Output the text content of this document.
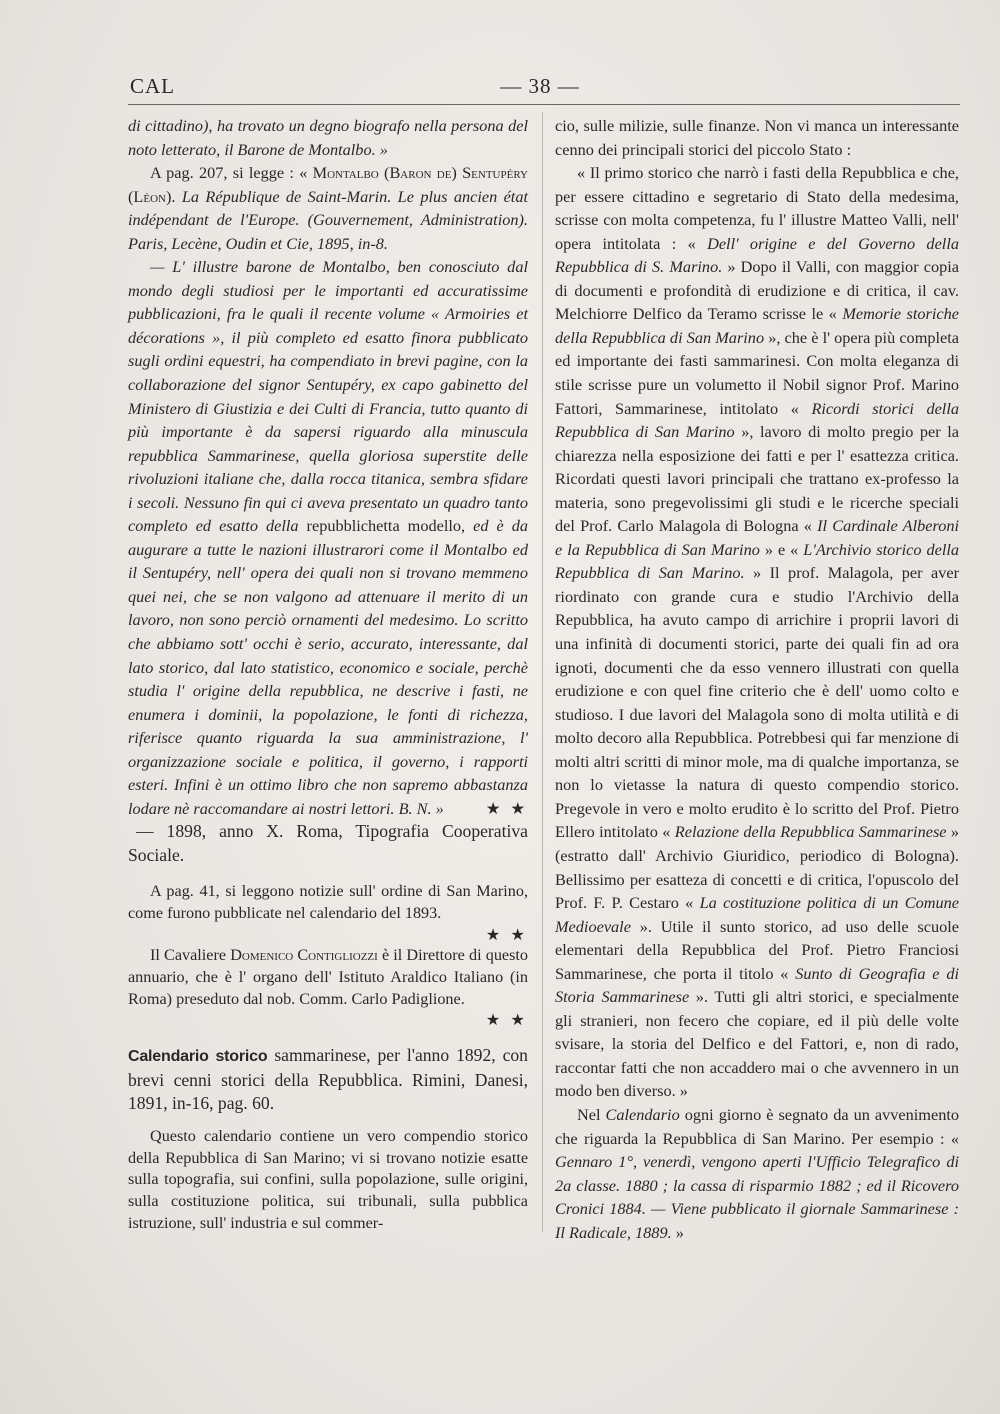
CAL	— 38 —

di cittadino), ha trovato un degno biografo nella persona del noto letterato, il Barone de Montalbo. »

A pag. 207, si legge : « Montalbo (Baron de) Sentupéry (Léon). La République de Saint-Marin. Le plus ancien état indépendant de l'Europe. (Gouvernement, Administration). Paris, Lecène, Oudin et Cie, 1895, in-8.

— L' illustre barone de Montalbo, ben conosciuto dal mondo degli studiosi per le importanti ed accuratissime pubblicazioni, fra le quali il recente volume « Armoiries et décorations », il più completo ed esatto finora pubblicato sugli ordini equestri, ha compendiato in brevi pagine, con la collaborazione del signor Sentupéry, ex capo gabinetto del Ministero di Giustizia e dei Culti di Francia, tutto quanto di più importante è da sapersi riguardo alla minuscula repubblica Sammarinese, quella gloriosa superstite delle rivoluzioni italiane che, dalla rocca titanica, sembra sfidare i secoli. Nessuno fin qui ci aveva presentato un quadro tanto completo ed esatto della repubblichetta modello, ed è da augurare a tutte le nazioni illustrarori come il Montalbo ed il Sentupéry, nell' opera dei quali non si trovano memmeno quei nei, che se non valgono ad attenuare il merito di un lavoro, non sono perciò ornamenti del medesimo. Lo scritto che abbiamo sott' occhi è serio, accurato, interessante, dal lato storico, dal lato statistico, economico e sociale, perchè studia l' origine della repubblica, ne descrive i fasti, ne enumera i dominii, la popolazione, le fonti di richezza, riferisce quanto riguarda la sua amministrazione, l' organizzazione sociale e politica, il governo, i rapporti esteri. Infini è un ottimo libro che non sapremo abbastanza lodare nè raccomandare ai nostri lettori. B. N. »	★ ★

— 1898, anno X. Roma, Tipografia Cooperativa Sociale.

A pag. 41, si leggono notizie sull' ordine di San Marino, come furono pubblicate nel calendario del 1893.

★ ★

Il Cavaliere Domenico Contigliozzi è il Direttore di questo annuario, che è l' organo dell' Istituto Araldico Italiano (in Roma) preseduto dal nob. Comm. Carlo Padiglione.

★ ★

Calendario storico sammarinese, per l'anno 1892, con brevi cenni storici della Repubblica. Rimini, Danesi, 1891, in-16, pag. 60.

Questo calendario contiene un vero compendio storico della Repubblica di San Marino; vi si trovano notizie esatte sulla topografia, sui confini, sulla popolazione, sulle origini, sulla costituzione politica, sui tribunali, sulla pubblica istruzione, sull' industria e sul commer-

cio, sulle milizie, sulle finanze. Non vi manca un interessante cenno dei principali storici del piccolo Stato :

« Il primo storico che narrò i fasti della Repubblica e che, per essere cittadino e segretario di Stato della medesima, scrisse con molta competenza, fu l' illustre Matteo Valli, nell' opera intitolata : « Dell' origine e del Governo della Repubblica di S. Marino. » Dopo il Valli, con maggior copia di documenti e profondità di erudizione e di critica, il cav. Melchiorre Delfico da Teramo scrisse le « Memorie storiche della Repubblica di San Marino », che è l' opera più completa ed importante dei fasti sammarinesi. Con molta eleganza di stile scrisse pure un volumetto il Nobil signor Prof. Marino Fattori, Sammarinese, intitolato « Ricordi storici della Repubblica di San Marino », lavoro di molto pregio per la chiarezza nella esposizione dei fatti e per l' esattezza critica. Ricordati questi lavori principali che trattano ex-professo la materia, sono pregevolissimi gli studi e le ricerche speciali del Prof. Carlo Malagola di Bologna « Il Cardinale Alberoni e la Repubblica di San Marino » e « L'Archivio storico della Repubblica di San Marino. » Il prof. Malagola, per aver riordinato con grande cura e studio l'Archivio della Repubblica, ha avuto campo di arrichire i proprii lavori di una infinità di documenti storici, parte dei quali fin ad ora ignoti, documenti che da esso vennero illustrati con quella erudizione e con quel fine criterio che è dell' uomo colto e studioso. I due lavori del Malagola sono di molta utilità e di molto decoro alla Repubblica. Potrebbesi qui far menzione di molti altri scritti di minor mole, ma di qualche importanza, se non lo vietasse la natura di questo compendio storico. Pregevole in vero e molto erudito è lo scritto del Prof. Pietro Ellero intitolato « Relazione della Repubblica Sammarinese » (estratto dall' Archivio Giuridico, periodico di Bologna). Bellissimo per esatteza di concetti e di critica, l'opuscolo del Prof. F. P. Cestaro « La costituzione politica di un Comune Medioevale ». Utile il sunto storico, ad uso delle scuole elementari della Repubblica del Prof. Pietro Franciosi Sammarinese, che porta il titolo « Sunto di Geografia e di Storia Sammarinese ». Tutti gli altri storici, e specialmente gli stranieri, non fecero che copiare, ed il più delle volte svisare, la storia del Delfico e del Fattori, e, non di rado, raccontar fatti che non accaddero mai o che avvennero in un modo ben diverso. »

Nel Calendario ogni giorno è segnato da un avvenimento che riguarda la Repubblica di San Marino. Per esempio : « Gennaro 1°, venerdì, vengono aperti l'Ufficio Telegrafico di 2a classe. 1880 ; la cassa di risparmio 1882 ; ed il Ricovero Cronici 1884. — Viene pubblicato il giornale Sammarinese : Il Radicale, 1889. »
